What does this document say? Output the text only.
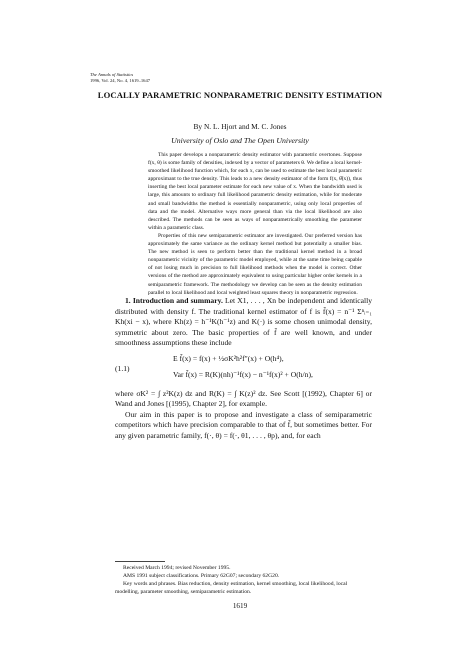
The Annals of Statistics
1996, Vol. 24, No. 4, 1619–1647
LOCALLY PARAMETRIC NONPARAMETRIC DENSITY ESTIMATION
By N. L. Hjort and M. C. Jones
University of Oslo and The Open University

This paper develops a nonparametric density estimator with parametric overtones. Suppose f(x, θ) is some family of densities, indexed by a vector of parameters θ. We define a local kernel-smoothed likelihood function which, for each x, can be used to estimate the best local parametric approximant to the true density. This leads to a new density estimator of the form f(x, θ̂(x)), thus inserting the best local parameter estimate for each new value of x. When the bandwidth used is large, this amounts to ordinary full likelihood parametric density estimation, while for moderate and small bandwidths the method is essentially nonparametric, using only local properties of data and the model. Alternative ways more general than via the local likelihood are also described. The methods can be seen as ways of nonparametrically smoothing the parameter within a parametric class.

Properties of this new semiparametric estimator are investigated. Our preferred version has approximately the same variance as the ordinary kernel method but potentially a smaller bias. The new method is seen to perform better than the traditional kernel method in a broad nonparametric vicinity of the parametric model employed, while at the same time being capable of not losing much in precision to full likelihood methods when the model is correct. Other versions of the method are approximately equivalent to using particular higher order kernels in a semiparametric framework. The methodology we develop can be seen as the density estimation parallel to local likelihood and local weighted least squares theory in nonparametric regression.

1. Introduction and summary. Let X1, . . . , Xn be independent and identically distributed with density f. The traditional kernel estimator of f is f̃(x) = n⁻¹ Σⁿᵢ₌₁ Kh(xi − x), where Kh(z) = h⁻¹K(h⁻¹z) and K(·) is some chosen unimodal density, symmetric about zero. The basic properties of f̃ are well known, and under smoothness assumptions these include

(1.1)
E f̃(x) = f(x) + ½σK²h²f″(x) + O(h⁴),
Var f̃(x) = R(K)(nh)⁻¹f(x) − n⁻¹f(x)² + O(h/n),

where σK² = ∫ z²K(z) dz and R(K) = ∫ K(z)² dz. See Scott [(1992), Chapter 6] or Wand and Jones [(1995), Chapter 2], for example.

Our aim in this paper is to propose and investigate a class of semiparametric competitors which have precision comparable to that of f̃, but sometimes better. For any given parametric family, f(·, θ) = f(·, θ1, . . . , θp), and, for each

Received March 1994; revised November 1995.

AMS 1991 subject classifications. Primary 62G07; secondary 62G20.

Key words and phrases. Bias reduction, density estimation, kernel smoothing, local likelihood, local modelling, parameter smoothing, semiparametric estimation.

1619
